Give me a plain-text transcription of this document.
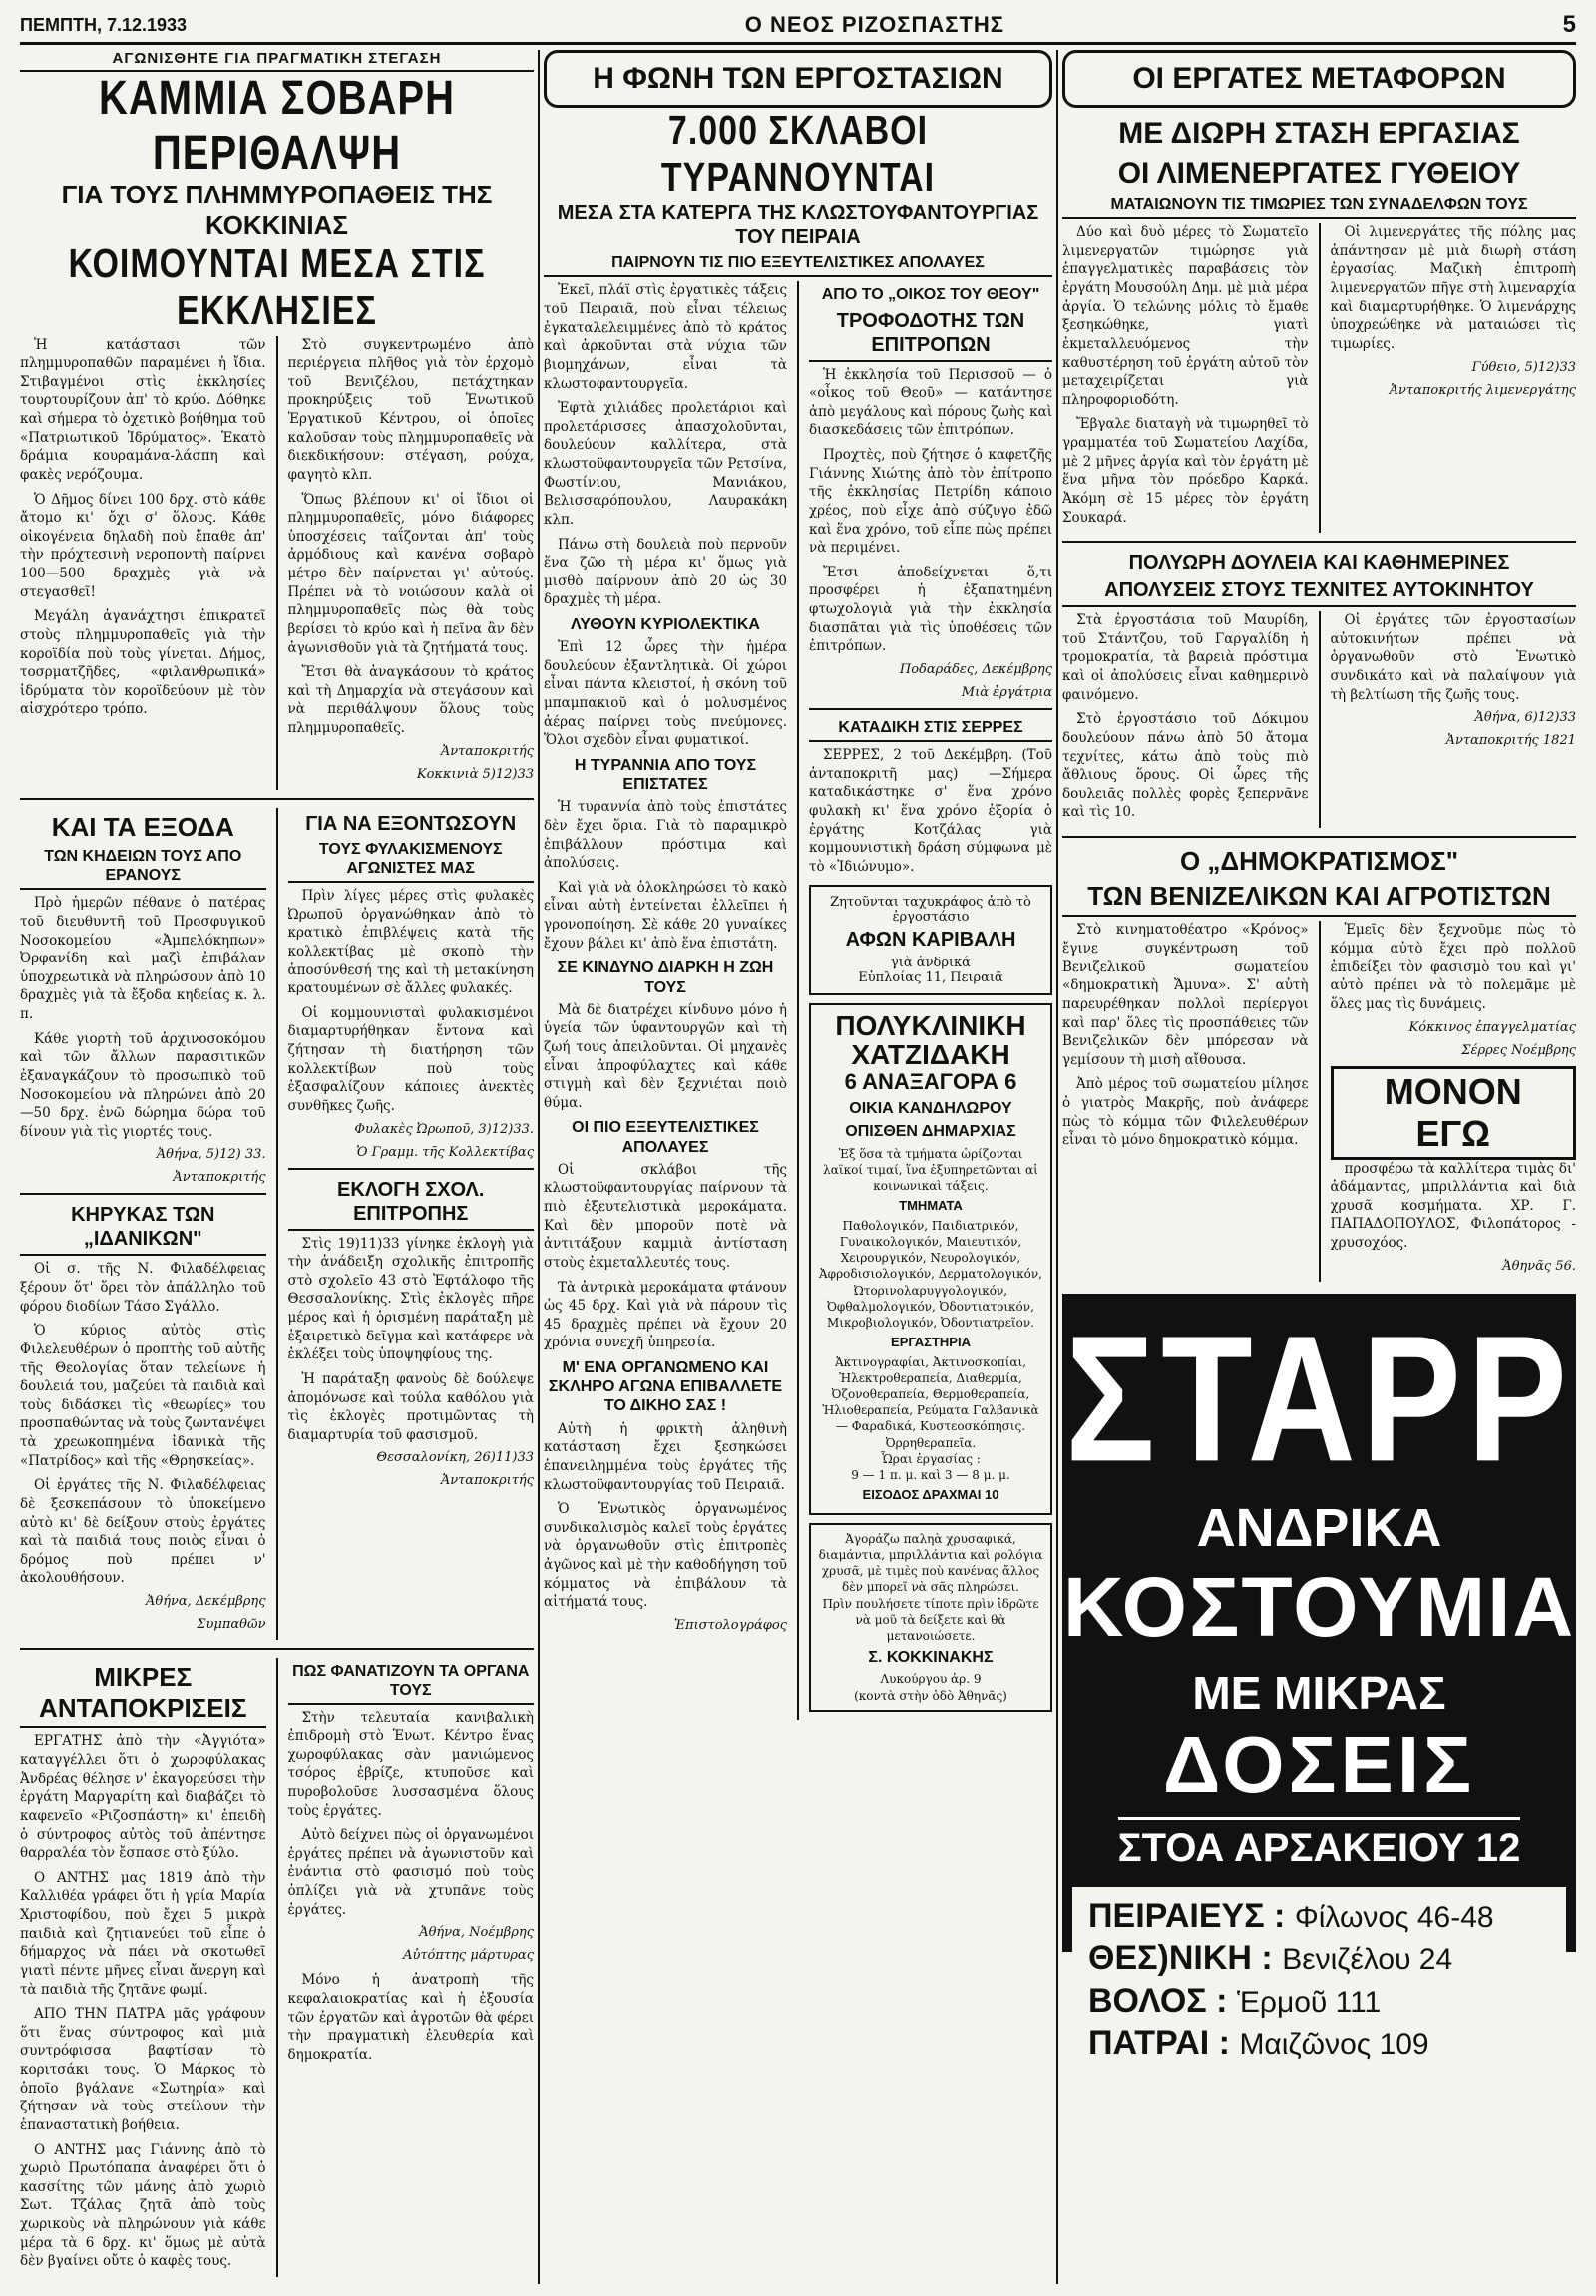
ΠΕΜΠΤΗ, 7.12.1933	Ο ΝΕΟΣ ΡΙΖΟΣΠΑΣΤΗΣ	5
ΑΓΩΝΙΣΘΗΤΕ ΓΙΑ ΠΡΑΓΜΑΤΙΚΗ ΣΤΕΓΑΣΗ
ΚΑΜΜΙΑ ΣΟΒΑΡΗ ΠΕΡΙΘΑΛΨΗ
ΓΙΑ ΤΟΥΣ ΠΛΗΜΜΥΡΟΠΑΘΕΙΣ ΤΗΣ ΚΟΚΚΙΝΙΑΣ
ΚΟΙΜΟΥΝΤΑΙ ΜΕΣΑ ΣΤΙΣ ΕΚΚΛΗΣΙΕΣ

Ἡ κατάστασι τῶν πλημμυροπαθῶν παραμένει ἡ ἴδια. Στιβαγμένοι στὶς ἐκκλησίες τουρτουρίζουν ἀπ' τὸ κρύο. Δόθηκε καὶ σήμερα τὸ ὀχετικὸ βοήθημα τοῦ «Πατριωτικοῦ Ἱδρύματος». Ἑκατὸ δράμια κουραμάνα-λάσπη καὶ φακὲς νερόζουμα.

Ὁ Δῆμος δίνει 100 δρχ. στὸ κάθε ἄτομο κι' ὄχι σ' ὅλους. Κάθε οἰκογένεια δηλαδὴ ποὺ ἔπαθε ἀπ' τὴν πρόχτεσινὴ νεροποντὴ παίρνει 100—500 δραχμὲς γιὰ νὰ στεγασθεῖ!

Μεγάλη ἀγανάχτησι ἐπικρατεῖ στοὺς πλημμυροπαθεῖς γιὰ τὴν κοροϊδία ποὺ τοὺς γίνεται. Δήμος, τοσρματζῆδες, «φιλανθρωπικά» ἱδρύματα τὸν κοροϊδεύουν μὲ τὸν αἰσχρότερο τρόπο.

Στὸ συγκεντρωμένο ἀπὸ περιέργεια πλῆθος γιὰ τὸν ἐρχομὸ τοῦ Βενιζέλου, πετάχτηκαν προκηρύξεις τοῦ Ἑνωτικοῦ Ἐργατικοῦ Κέντρου, οἱ ὁποῖες καλοῦσαν τοὺς πλημμυροπαθεῖς νὰ διεκδικήσουν: στέγαση, ρούχα, φαγητὸ κλπ.

Ὅπως βλέπουν κι' οἱ ἴδιοι οἱ πλημμυροπαθεῖς, μόνο διάφορες ὑποσχέσεις ταΐζονται ἀπ' τοὺς ἀρμόδιους καὶ κανένα σοβαρὸ μέτρο δὲν παίρνεται γι' αὐτούς. Πρέπει νὰ τὸ νοιώσουν καλὰ οἱ πλημμυροπαθεῖς πὼς θὰ τοὺς βερίσει τὸ κρύο καὶ ἡ πεῖνα ἂν δὲν ἀγωνισθοῦν γιὰ τὰ ζητήματά τους.

Ἔτσι θὰ ἀναγκάσουν τὸ κράτος καὶ τὴ Δημαρχία νὰ στεγάσουν καὶ νὰ περιθάλψουν ὅλους τοὺς πλημμυροπαθεῖς.

Ἀνταποκριτής
Κοκκινιὰ 5)12)33
ΚΑΙ ΤΑ ΕΞΟΔΑ
ΤΩΝ ΚΗΔΕΙΩΝ ΤΟΥΣ ΑΠΟ ΕΡΑΝΟΥΣ

Πρὸ ἡμερῶν πέθανε ὁ πατέρας τοῦ διευθυντῆ τοῦ Προσφυγικοῦ Νοσοκομείου «Ἀμπελόκηπων» Ὀρφανίδη καὶ μαζὶ ἐπιβάλαν ὑποχρεωτικὰ νὰ πληρώσουν ἀπὸ 10 δραχμὲς γιὰ τὰ ἔξοδα κηδείας κ. λ. π.

Κάθε γιορτὴ τοῦ ἀρχινοσοκόμου καὶ τῶν ἄλλων παρασιτικῶν ἐξαναγκάζουν τὸ προσωπικὸ τοῦ Νοσοκομείου νὰ πληρώνει ἀπὸ 20—50 δρχ. ἐνῶ δώρημα δώρα τοῦ δίνουν γιὰ τὶς γιορτές τους.

Ἀθήνα, 5)12) 33.
Ἀνταποκριτής
ΚΗΡΥΚΑΣ ΤΩΝ „ΙΔΑΝΙΚΩΝ"

Οἱ σ. τῆς Ν. Φιλαδέλφειας ξέρουν ὅτ' ὅρει τὸν ἀπάλληλο τοῦ φόρου διοδίων Τάσο Σγάλλο.

Ὁ κύριος αὐτὸς στὶς Φιλελευθέρων ὁ προπτὴς τοῦ αὐτῆς τῆς Θεολογίας ὅταν τελείωνε ἡ δουλειά του, μαζεύει τὰ παιδιὰ καὶ τοὺς διδάσκει τὶς «θεωρίες» του προσπαθώντας νὰ τοὺς ζωντανέψει τὰ χρεωκοπημένα ἰδανικὰ τῆς «Πατρίδος» καὶ τῆς «Θρησκείας».

Οἱ ἐργάτες τῆς Ν. Φιλαδέλφειας δὲ ξεσκεπάσουν τὸ ὑποκείμενο αὐτὸ κι' δὲ δείξουν στοὺς ἐργάτες καὶ τὰ παιδιά τους ποιὸς εἶναι ὁ δρόμος ποὺ πρέπει ν' ἀκολουθήσουν.

Ἀθήνα, Δεκέμβρης
Συμπαθῶν
ΓΙΑ ΝΑ ΕΞΟΝΤΩΣΟΥΝ
ΤΟΥΣ ΦΥΛΑΚΙΣΜΕΝΟΥΣ ΑΓΩΝΙΣΤΕΣ ΜΑΣ

Πρὶν λίγες μέρες στὶς φυλακὲς Ὠρωποῦ ὀργανώθηκαν ἀπὸ τὸ κρατικὸ ἐπιβλέψεις κατὰ τῆς κολλεκτίβας μὲ σκοπὸ τὴν ἀποσύνθεσή της καὶ τὴ μετακίνηση κρατουμένων σὲ ἄλλες φυλακές.

Οἱ κομμουνισταὶ φυλακισμένοι διαμαρτυρήθηκαν ἔντονα καὶ ζήτησαν τὴ διατήρηση τῶν κολλεκτίβων ποὺ τοὺς ἐξασφαλίζουν κάποιες ἀνεκτὲς συνθῆκες ζωῆς.

Φυλακὲς Ὠρωποῦ, 3)12)33.
Ὁ Γραμμ. τῆς Κολλεκτίβας
ΕΚΛΟΓΗ ΣΧΟΛ. ΕΠΙΤΡΟΠΗΣ

Στὶς 19)11)33 γίνηκε ἐκλογὴ γιὰ τὴν ἀνάδειξη σχολικῆς ἐπιτροπῆς στὸ σχολεῖο 43 στὸ Ἐφτάλοφο τῆς Θεσσαλονίκης. Στὶς ἐκλογὲς πῆρε μέρος καὶ ἡ ὁρισμένη παράταξη μὲ ἐξαιρετικὸ δεῖγμα καὶ κατάφερε νὰ ἐκλέξει τοὺς ὑποψηφίους της.

Ἡ παράταξη φανοὺς δὲ δούλεψε ἀπομόνωσε καὶ τούλα καθόλου γιὰ τὶς ἐκλογὲς προτιμῶντας τὴ διαμαρτυρία τοῦ φασισμοῦ.

Θεσσαλονίκη, 26)11)33
Ἀνταποκριτής
ΜΙΚΡΕΣ ΑΝΤΑΠΟΚΡΙΣΕΙΣ

ΕΡΓΑΤΗΣ ἀπὸ τὴν «Ἀγγιότα» καταγγέλλει ὅτι ὁ χωροφύλακας Ἀνδρέας θέλησε ν' ἐκαγορεύσει τὴν ἐργάτη Μαργαρίτη καὶ διαβάζει τὸ καφενεῖο «Ριζοσπάστη» κι' ἐπειδὴ ὁ σύντροφος αὐτὸς τοῦ ἀπέντησε θαρραλέα τὸν ἔσπασε στὸ ξύλο.

Ο ΑΝΤΗΣ μας 1819 ἀπὸ τὴν Καλλιθέα γράφει ὅτι ἡ γρία Μαρία Χριστοφίδου, ποὺ ἔχει 5 μικρὰ παιδιὰ καὶ ζητιανεύει τοῦ εἶπε ὁ δήμαρχος νὰ πάει νὰ σκοτωθεῖ γιατὶ πέντε μῆνες εἶναι ἄνεργη καὶ τὰ παιδιὰ τῆς ζητᾶνε φωμί.

ΑΠΟ ΤΗΝ ΠΑΤΡΑ μᾶς γράφουν ὅτι ἕνας σύντροφος καὶ μιὰ συντρόφισσα βαφτίσαν τὸ κοριτσάκι τους. Ὁ Μάρκος τὸ ὁποῖο βγάλανε «Σωτηρία» καὶ ζήτησαν νὰ τοὺς στείλουν τὴν ἐπαναστατικὴ βοήθεια.

Ο ΑΝΤΗΣ μας Γιάννης ἀπὸ τὸ χωριὸ Πρωτόπαπα ἀναφέρει ὅτι ὁ κασσίτης τῶν μάνης ἀπὸ χωριὸ Σωτ. Τζάλας ζητᾶ ἀπὸ τοὺς χωρικοὺς νὰ πληρώνουν γιὰ κάθε μέρα τὰ 6 δρχ. κι' ὅμως μὲ αὐτὰ δὲν βγαίνει οὔτε ὁ καφὲς τους.

ΠΩΣ ΦΑΝΑΤΙΖΟΥΝ ΤΑ ΟΡΓΑΝΑ ΤΟΥΣ

Στὴν τελευταία κανιβαλικὴ ἐπιδρομὴ στὸ Ἑνωτ. Κέντρο ἕνας χωροφύλακας σὰν μανιώμενος τσόρος ἐβρίζε, κτυποῦσε καὶ πυροβολοῦσε λυσσασμένα ὅλους τοὺς ἐργάτες.

Αὐτὸ δείχνει πὼς οἱ ὀργανωμένοι ἐργάτες πρέπει νὰ ἀγωνιστοῦν καὶ ἐνάντια στὸ φασισμό ποὺ τοὺς ὁπλίζει γιὰ νὰ χτυπᾶνε τοὺς ἐργάτες.

Ἀθήνα, Νοέμβρης
Αὐτόπτης μάρτυρας

Μόνο ἡ ἀνατροπὴ τῆς κεφαλαιοκρατίας καὶ ἡ ἐξουσία τῶν ἐργατῶν καὶ ἀγροτῶν θὰ φέρει τὴν πραγματικὴ ἐλευθερία καὶ δημοκρατία.

Η ΦΩΝΗ ΤΩΝ ΕΡΓΟΣΤΑΣΙΩΝ
7.000 ΣΚΛΑΒΟΙ ΤΥΡΑΝΝΟΥΝΤΑΙ
ΜΕΣΑ ΣΤΑ ΚΑΤΕΡΓΑ ΤΗΣ ΚΛΩΣΤΟΥΦΑΝΤΟΥΡΓΙΑΣ ΤΟΥ ΠΕΙΡΑΙΑ
ΠΑΙΡΝΟΥΝ ΤΙΣ ΠΙΟ ΕΞΕΥΤΕΛΙΣΤΙΚΕΣ ΑΠΟΛΑΥΕΣ

Ἐκεῖ, πλάϊ στὶς ἐργατικὲς τάξεις τοῦ Πειραιᾶ, ποὺ εἶναι τέλειως ἐγκαταλελειμμένες ἀπὸ τὸ κράτος καὶ ἀρκοῦνται στὰ νύχια τῶν βιομηχάνων, εἶναι τὰ κλωστοφαντουργεῖα.

Ἐφτὰ χιλιάδες προλετάριοι καὶ προλετάρισσες ἀπασχολοῦνται, δουλεύουν καλλίτερα, στὰ κλωστοϋφαντουργεῖα τῶν Ρετσίνα, Φωστίνιου, Μανιάκου, Βελισσαρόπουλου, Λαυρακάκη κλπ.

Πάνω στὴ δουλειὰ ποὺ περνοῦν ἕνα ζῶο τὴ μέρα κι' ὅμως γιὰ μισθὸ παίρνουν ἀπὸ 20 ὡς 30 δραχμὲς τὴ μέρα.

ΛΥΘΟΥΝ ΚΥΡΙΟΛΕΚΤΙΚΑ

Ἐπὶ 12 ὧρες τὴν ἡμέρα δουλεύουν ἐξαντλητικὰ. Οἱ χώροι εἶναι πάντα κλειστοί, ἡ σκόνη τοῦ μπαμπακιοῦ καὶ ὁ μολυσμένος ἀέρας παίρνει τοὺς πνεύμονες. Ὅλοι σχεδὸν εἶναι φυματικοί.

Η ΤΥΡΑΝΝΙΑ ΑΠΟ ΤΟΥΣ ΕΠΙΣΤΑΤΕΣ

Ἡ τυραννία ἀπὸ τοὺς ἐπιστάτες δὲν ἔχει ὅρια. Γιὰ τὸ παραμικρὸ ἐπιβάλλουν πρόστιμα καὶ ἀπολύσεις.

Καὶ γιὰ νὰ ὀλοκληρώσει τὸ κακὸ εἶναι αὐτὴ ἐντείνεται ἐλλεῖπει ἡ γρονοποίηση. Σὲ κάθε 20 γυναίκες ἔχουν βάλει κι' ἀπὸ ἕνα ἐπιστάτη.

ΣΕ ΚΙΝΔΥΝΟ ΔΙΑΡΚΗ Η ΖΩΗ ΤΟΥΣ

Μὰ δὲ διατρέχει κίνδυνο μόνο ἡ ὑγεία τῶν ὑφαντουργῶν καὶ τὴ ζωή τους ἀπειλοῦνται. Οἱ μηχανὲς εἶναι ἀπροφύλαχτες καὶ κάθε στιγμὴ καὶ δὲν ξεχνιέται ποιὸ θύμα.

ΟΙ ΠΙΟ ΕΞΕΥΤΕΛΙΣΤΙΚΕΣ ΑΠΟΛΑΥΕΣ

Οἱ σκλάβοι τῆς κλωστοϋφαντουργίας παίρνουν τὰ πιὸ ἐξευτελιστικὰ μεροκάματα. Καὶ δὲν μποροῦν ποτὲ νὰ ἀντιτάξουν καμμιὰ ἀντίσταση στοὺς ἐκμεταλλευτές τους.

Τὰ ἀντρικὰ μεροκάματα φτάνουν ὡς 45 δρχ. Καὶ γιὰ νὰ πάρουν τὶς 45 δραχμὲς πρέπει νὰ ἔχουν 20 χρόνια συνεχῆ ὑπηρεσία.

Μ' ΕΝΑ ΟΡΓΑΝΩΜΕΝΟ ΚΑΙ ΣΚΛΗΡΟ ΑΓΩΝΑ ΕΠΙΒΑΛΛΕΤΕ ΤΟ ΔΙΚΗΟ ΣΑΣ !

Αὐτὴ ἡ φρικτὴ ἀληθινὴ κατάσταση ἔχει ξεσηκώσει ἐπανειλημμένα τοὺς ἐργάτες τῆς κλωστοϋφαντουργίας τοῦ Πειραιᾶ.

Ὁ Ἑνωτικὸς ὀργανωμένος συνδικαλισμὸς καλεῖ τοὺς ἐργάτες νὰ ὀργανωθοῦν στὶς ἐπιτροπὲς ἀγῶνος καὶ μὲ τὴν καθοδήγηση τοῦ κόμματος νὰ ἐπιβάλουν τὰ αἰτήματά τους.

Ἐπιστολογράφος
ΑΠΟ ΤΟ „ΟΙΚΟΣ ΤΟΥ ΘΕΟΥ"
ΤΡΟΦΟΔΟΤΗΣ ΤΩΝ ΕΠΙΤΡΟΠΩΝ

Ἡ ἐκκλησία τοῦ Περισσοῦ — ὁ «οἶκος τοῦ Θεοῦ» — κατάντησε ἀπὸ μεγάλους καὶ πόρους ζωὴς καὶ διασκεδάσεις τῶν ἐπιτρόπων.

Προχτὲς, ποὺ ζήτησε ὁ καφετζῆς Γιάννης Χιώτης ἀπὸ τὸν ἐπίτροπο τῆς ἐκκλησίας Πετρίδη κάποιο χρέος, ποὺ εἶχε ἀπὸ σύζυγο ἐδῶ καὶ ἕνα χρόνο, τοῦ εἶπε πὼς πρέπει νὰ περιμένει.

Ἔτσι ἀποδείχνεται ὅ,τι προσφέρει ἡ ἐξαπατημένη φτωχολογιὰ γιὰ τὴν ἐκκλησία διασπᾶται γιὰ τὶς ὑποθέσεις τῶν ἐπιτρόπων.

Ποδαράδες, Δεκέμβρης
Μιὰ ἐργάτρια
ΚΑΤΑΔΙΚΗ ΣΤΙΣ ΣΕΡΡΕΣ

ΣΕΡΡΕΣ, 2 τοῦ Δεκέμβρη. (Τοῦ ἀνταποκριτῆ μας) —Σήμερα καταδικάστηκε σ' ἕνα χρόνο φυλακὴ κι' ἕνα χρόνο ἐξορία ὁ ἐργάτης Κοτζάλας γιὰ κομμουνιστικὴ δράση σύμφωνα μὲ τὸ «Ἰδιώνυμο».

Ζητοῦνται ταχυκράφος ἀπὸ τὸ ἐργοστάσιο
ΑΦΩΝ ΚΑΡΙΒΑΛΗ
γιὰ ἀνδρικά
Εὐπλοίας 11, Πειραιᾶ
ΠΟΛΥΚΛΙΝΙΚΗ
ΧΑΤΖΙΔΑΚΗ
6 ΑΝΑΞΑΓΟΡΑ 6
ΟΙΚΙΑ ΚΑΝΔΗΛΩΡΟΥ
ΟΠΙΣΘΕΝ ΔΗΜΑΡΧΙΑΣ
Ἐξ ὅσα τὰ τμήματα ὡρίζονται λαϊκοί τιμαί, ἵνα ἐξυπηρετῶνται αἱ κοινωνικαὶ τάξεις.
ΤΜΗΜΑΤΑ
Παθολογικόν, Παιδιατρικόν, Γυναικολογικόν, Μαιευτικόν, Χειρουργικόν, Νευρολογικόν, Ἀφροδισιολογικόν, Δερματολογικόν, Ὠτορινολαρυγγολογικόν, Ὀφθαλμολογικόν, Ὀδοντιατρικόν, Μικροβιολογικόν, Ὀδοντιατρεῖον.
ΕΡΓΑΣΤΗΡΙΑ
Ἀκτινογραφίαι, Ἀκτινοσκοπίαι, Ἠλεκτροθεραπεία, Διαθερμία, Ὀζονοθεραπεία, Θερμοθεραπεία, Ἡλιοθεραπεία, Ρεύματα Γαλβανικὰ — Φαραδικά, Κυστεοσκόπησις. Ὀρρηθεραπεῖα.
Ὧραι ἐργασίας :
9 — 1 π. μ. καὶ 3 — 8 μ. μ.
ΕΙΣΟΔΟΣ ΔΡΑΧΜΑΙ 10
Ἀγοράζω παληὰ χρυσαφικά, διαμάντια, μπριλλάντια καὶ ρολόγια χρυσᾶ, μὲ τιμὲς ποὺ κανένας ἄλλος δὲν μπορεῖ νὰ σᾶς πληρώσει.
Πρὶν πουλήσετε τίποτε πρὶν ἰδρῶτε νὰ μοῦ τὰ δείξετε καὶ θὰ μετανοιώσετε.
Σ. ΚΟΚΚΙΝΑΚΗΣ
Λυκούργου ἀρ. 9
(κοντὰ στὴν ὁδὸ Ἀθηνᾶς)
ΟΙ ΕΡΓΑΤΕΣ ΜΕΤΑΦΟΡΩΝ
ΜΕ ΔΙΩΡΗ ΣΤΑΣΗ ΕΡΓΑΣΙΑΣ
ΟΙ ΛΙΜΕΝΕΡΓΑΤΕΣ ΓΥΘΕΙΟΥ
ΜΑΤΑΙΩΝΟΥΝ ΤΙΣ ΤΙΜΩΡΙΕΣ ΤΩΝ ΣΥΝΑΔΕΛΦΩΝ ΤΟΥΣ

Δύο καὶ δυὸ μέρες τὸ Σωματεῖο λιμενεργατῶν τιμώρησε γιὰ ἐπαγγελματικὲς παραβάσεις τὸν ἐργάτη Μουσούλη Δημ. μὲ μιὰ μέρα ἀργία. Ὁ τελώνης μόλις τὸ ἔμαθε ξεσηκώθηκε, γιατὶ ἐκμεταλλευόμενος τὴν καθυστέρηση τοῦ ἐργάτη αὐτοῦ τὸν μεταχειρίζεται γιὰ πληροφοριοδότη.

Ἔβγαλε διαταγὴ νὰ τιμωρηθεῖ τὸ γραμματέα τοῦ Σωματείου Λαχίδα, μὲ 2 μῆνες ἀργία καὶ τὸν ἐργάτη μὲ ἕνα μῆνα τὸν πρόεδρο Καρκά. Ἀκόμη σὲ 15 μέρες τὸν ἐργάτη Σουκαρά.

Οἱ λιμενεργάτες τῆς πόλης μας ἀπάντησαν μὲ μιὰ διωρὴ στάση ἐργασίας. Μαζικὴ ἐπιτροπὴ λιμενεργατῶν πῆγε στὴ λιμεναρχία καὶ διαμαρτυρήθηκε. Ὁ λιμενάρχης ὑποχρεώθηκε νὰ ματαιώσει τὶς τιμωρίες.

Γύθειο, 5)12)33
Ἀνταποκριτής λιμενεργάτης
ΠΟΛΥΩΡΗ ΔΟΥΛΕΙΑ ΚΑΙ ΚΑΘΗΜΕΡΙΝΕΣ
ΑΠΟΛΥΣΕΙΣ ΣΤΟΥΣ ΤΕΧΝΙΤΕΣ ΑΥΤΟΚΙΝΗΤΟΥ

Στὰ ἐργοστάσια τοῦ Μαυρίδη, τοῦ Στάντζου, τοῦ Γαργαλίδη ἡ τρομοκρατία, τὰ βαρειὰ πρόστιμα καὶ οἱ ἀπολύσεις εἶναι καθημερινὸ φαινόμενο.

Στὸ ἐργοστάσιο τοῦ Δόκιμου δουλεύουν πάνω ἀπὸ 50 ἄτομα τεχνίτες, κάτω ἀπὸ τοὺς πιὸ ἄθλιους ὅρους. Οἱ ὧρες τῆς δουλειᾶς πολλὲς φορὲς ξεπερνᾶνε καὶ τὶς 10.

Οἱ ἐργάτες τῶν ἐργοστασίων αὐτοκινήτων πρέπει νὰ ὀργανωθοῦν στὸ Ἑνωτικὸ συνδικάτο καὶ νὰ παλαίψουν γιὰ τὴ βελτίωση τῆς ζωῆς τους.

Ἀθήνα, 6)12)33
Ἀνταποκριτής 1821
Ο „ΔΗΜΟΚΡΑΤΙΣΜΟΣ"
ΤΩΝ ΒΕΝΙΖΕΛΙΚΩΝ ΚΑΙ ΑΓΡΟΤΙΣΤΩΝ

Στὸ κινηματοθέατρο «Κρόνος» ἔγινε συγκέντρωση τοῦ Βενιζελικοῦ σωματείου «δημοκρατικὴ Ἄμυνα». Σ' αὐτὴ παρευρέθηκαν πολλοὶ περίεργοι καὶ παρ' ὅλες τὶς προσπάθειες τῶν Βενιζελικῶν δὲν μπόρεσαν νὰ γεμίσουν τὴ μισὴ αἴθουσα.

Ἀπὸ μέρος τοῦ σωματείου μίλησε ὁ γιατρὸς Μακρῆς, ποὺ ἀνάφερε πὼς τὸ κόμμα τῶν Φιλελευθέρων εἶναι τὸ μόνο δημοκρατικὸ κόμμα.

Ἐμεῖς δὲν ξεχνοῦμε πὼς τὸ κόμμα αὐτὸ ἔχει πρὸ πολλοῦ ἐπιδείξει τὸν φασισμὸ του καὶ γι' αὐτὸ πρέπει νὰ τὸ πολεμᾶμε μὲ ὅλες μας τὶς δυνάμεις.

Κόκκινος ἐπαγγελματίας
Σέρρες Νοέμβρης
ΜΟΝΟΝ ΕΓΩ

προσφέρω τὰ καλλίτερα τιμὰς δι' ἀδάμαντας, μπριλλάντια καὶ διὰ χρυσᾶ κοσμήματα. ΧΡ. Γ. ΠΑΠΑΔΟΠΟΥΛΟΣ, Φιλοπάτορος - χρυσοχόος.

Ἀθηνᾶς 56.
ΣΤΑΡΡ
ΑΝΔΡΙΚΑ
ΚΟΣΤΟΥΜΙΑ
ΜΕ ΜΙΚΡΑΣ
ΔΟΣΕΙΣ
ΣΤΟΑ ΑΡΣΑΚΕΙΟΥ 12
ΠΕΙΡΑΙΕΥΣ : Φίλωνος 46-48
ΘΕΣ)ΝΙΚΗ : Βενιζέλου 24
ΒΟΛΟΣ : Ἑρμοῦ 111
ΠΑΤΡΑΙ : Μαιζῶνος 109
